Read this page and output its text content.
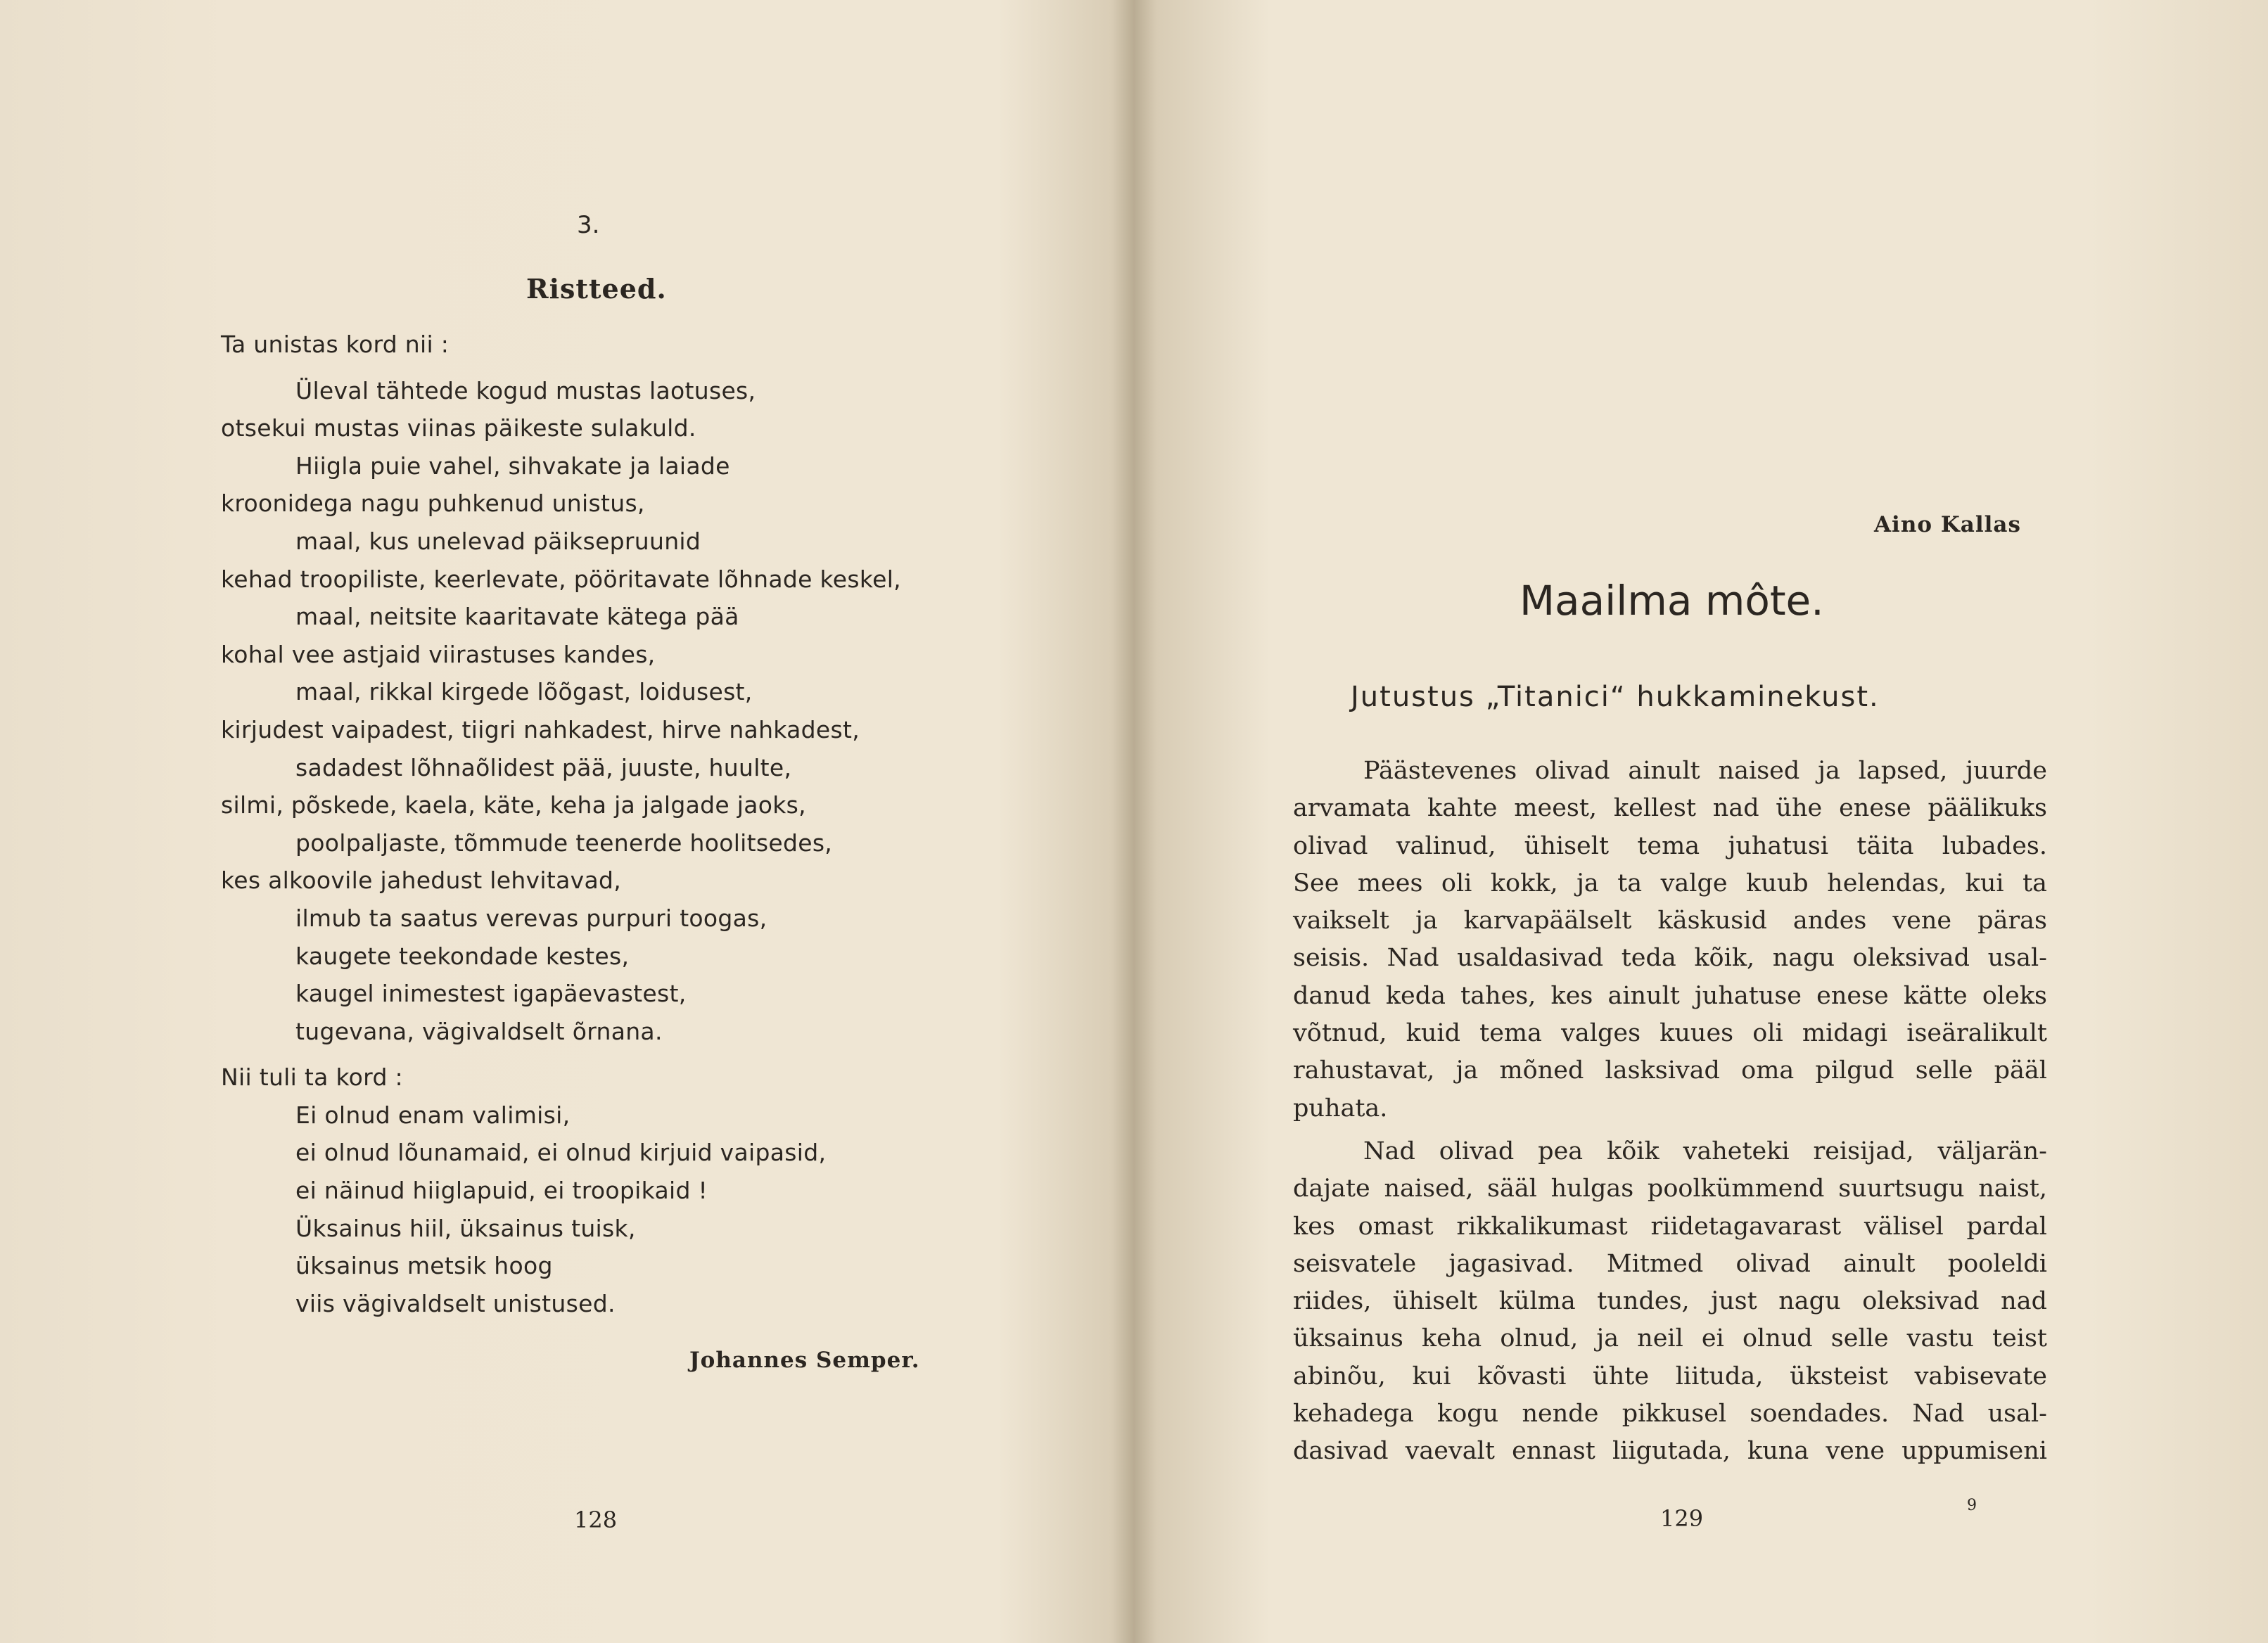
3.
Ristteed.
Ta unistas kord nii :
Üleval tähtede kogud mustas laotuses,
otsekui mustas viinas päikeste sulakuld.
Hiigla puie vahel, sihvakate ja laiade
kroonidega nagu puhkenud unistus,
maal, kus unelevad päiksepruunid
kehad troopiliste, keerlevate, pööritavate lõhnade keskel,
maal, neitsite kaaritavate kätega pää
kohal vee astjaid viirastuses kandes,
maal, rikkal kirgede lõõgast, loidusest,
kirjudest vaipadest, tiigri nahkadest, hirve nahkadest,
sadadest lõhnaõlidest pää, juuste, huulte,
silmi, põskede, kaela, käte, keha ja jalgade jaoks,
poolpaljaste, tõmmude teenerde hoolitsedes,
kes alkoovile jahedust lehvitavad,
ilmub ta saatus verevas purpuri toogas,
kaugete teekondade kestes,
kaugel inimestest igapäevastest,
tugevana, vägivaldselt õrnana.
Nii tuli ta kord :
Ei olnud enam valimisi,
ei olnud lõunamaid, ei olnud kirjuid vaipasid,
ei näinud hiiglapuid, ei troopikaid !
Üksainus hiil, üksainus tuisk,
üksainus metsik hoog
viis vägivaldselt unistused.
Johannes Semper.
128
Aino Kallas
Maailma môte.
Jutustus „Titanici“ hukkaminekust.
Päästevenes olivad ainult naised ja lapsed, juurde
arvamata kahte meest, kellest nad ühe enese päälikuks
olivad valinud, ühiselt tema juhatusi täita lubades.
See mees oli kokk, ja ta valge kuub helendas, kui ta
vaikselt ja karvapäälselt käskusid andes vene päras
seisis. Nad usaldasivad teda kõik, nagu oleksivad usal-
danud keda tahes, kes ainult juhatuse enese kätte oleks
võtnud, kuid tema valges kuues oli midagi iseäralikult
rahustavat, ja mõned lasksivad oma pilgud selle pääl
puhata.
Nad olivad pea kõik vaheteki reisijad, väljarän-
dajate naised, sääl hulgas poolkümmend suurtsugu naist,
kes omast rikkalikumast riidetagavarast välisel pardal
seisvatele jagasivad. Mitmed olivad ainult pooleldi
riides, ühiselt külma tundes, just nagu oleksivad nad
üksainus keha olnud, ja neil ei olnud selle vastu teist
abinõu, kui kõvasti ühte liituda, üksteist vabisevate
kehadega kogu nende pikkusel soendades. Nad usal-
dasivad vaevalt ennast liigutada, kuna vene uppumiseni
129	9
